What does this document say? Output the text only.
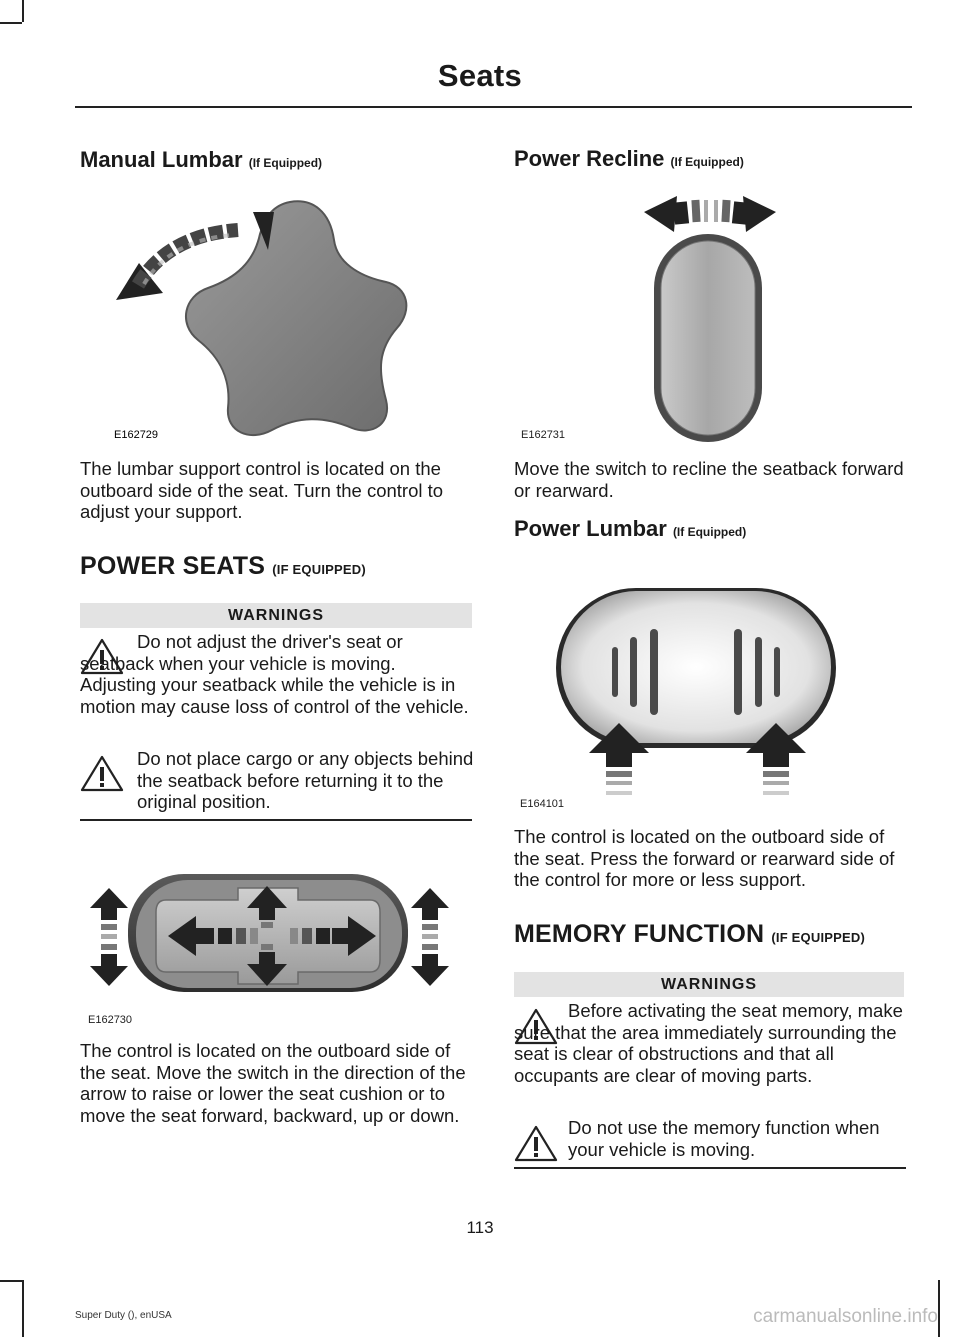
Seats
Manual Lumbar (If Equipped)
E162729
The lumbar support control is located on the outboard side of the seat. Turn the control to adjust your support.
POWER SEATS (IF EQUIPPED)
WARNINGS
Do not adjust the driver's seat or seatback when your vehicle is moving. Adjusting your seatback while the vehicle is in motion may cause loss of control of the vehicle.
Do not place cargo or any objects behind the seatback before returning it to the original position.
E162730
The control is located on the outboard side of the seat. Move the switch in the direction of the arrow to raise or lower the seat cushion or to move the seat forward, backward, up or down.
Power Recline (If Equipped)
E162731
Move the switch to recline the seatback forward or rearward.
Power Lumbar (If Equipped)
E164101
The control is located on the outboard side of the seat. Press the forward or rearward side of the control for more or less support.
MEMORY FUNCTION (IF EQUIPPED)
WARNINGS
Before activating the seat memory, make sure that the area immediately surrounding the seat is clear of obstructions and that all occupants are clear of moving parts.
Do not use the memory function when your vehicle is moving.
113
Super Duty (), enUSA	carmanualsonline.info
